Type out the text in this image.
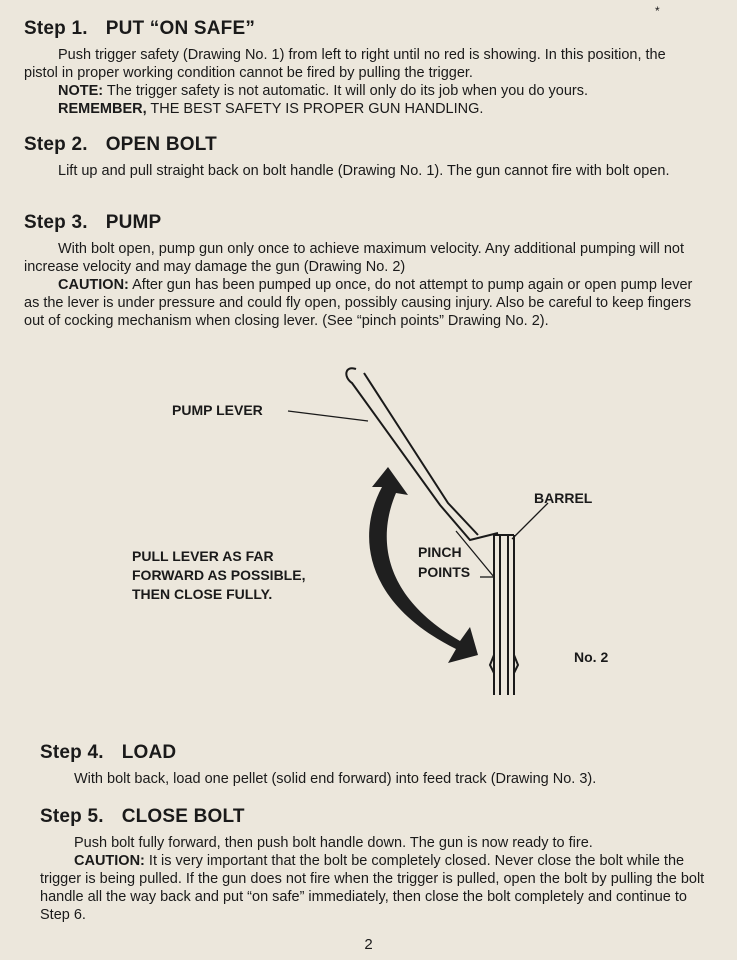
*
Step 1. PUT “ON SAFE”

Push trigger safety (Drawing No. 1) from left to right until no red is showing. In this position, the pistol in proper working condition cannot be fired by pulling the trigger.

NOTE: The trigger safety is not automatic. It will only do its job when you do yours.

REMEMBER, THE BEST SAFETY IS PROPER GUN HANDLING.

Step 2. OPEN BOLT

Lift up and pull straight back on bolt handle (Drawing No. 1). The gun cannot fire with bolt open.

Step 3. PUMP

With bolt open, pump gun only once to achieve maximum velocity. Any additional pumping will not increase velocity and may damage the gun (Drawing No. 2)

CAUTION: After gun has been pumped up once, do not attempt to pump again or open pump lever as the lever is under pressure and could fly open, possibly causing injury. Also be careful to keep fingers out of cocking mechanism when closing lever. (See “pinch points” Drawing No. 2).

PUMP LEVER
BARREL
PINCH
POINTS
PULL LEVER AS FAR
FORWARD AS POSSIBLE,
THEN CLOSE FULLY.
No. 2
Step 4. LOAD

With bolt back, load one pellet (solid end forward) into feed track (Drawing No. 3).

Step 5. CLOSE BOLT

Push bolt fully forward, then push bolt handle down. The gun is now ready to fire.

CAUTION: It is very important that the bolt be completely closed. Never close the bolt while the trigger is being pulled. If the gun does not fire when the trigger is pulled, open the bolt by pulling the bolt handle all the way back and put “on safe” immediately, then close the bolt completely and continue to Step 6.

2
